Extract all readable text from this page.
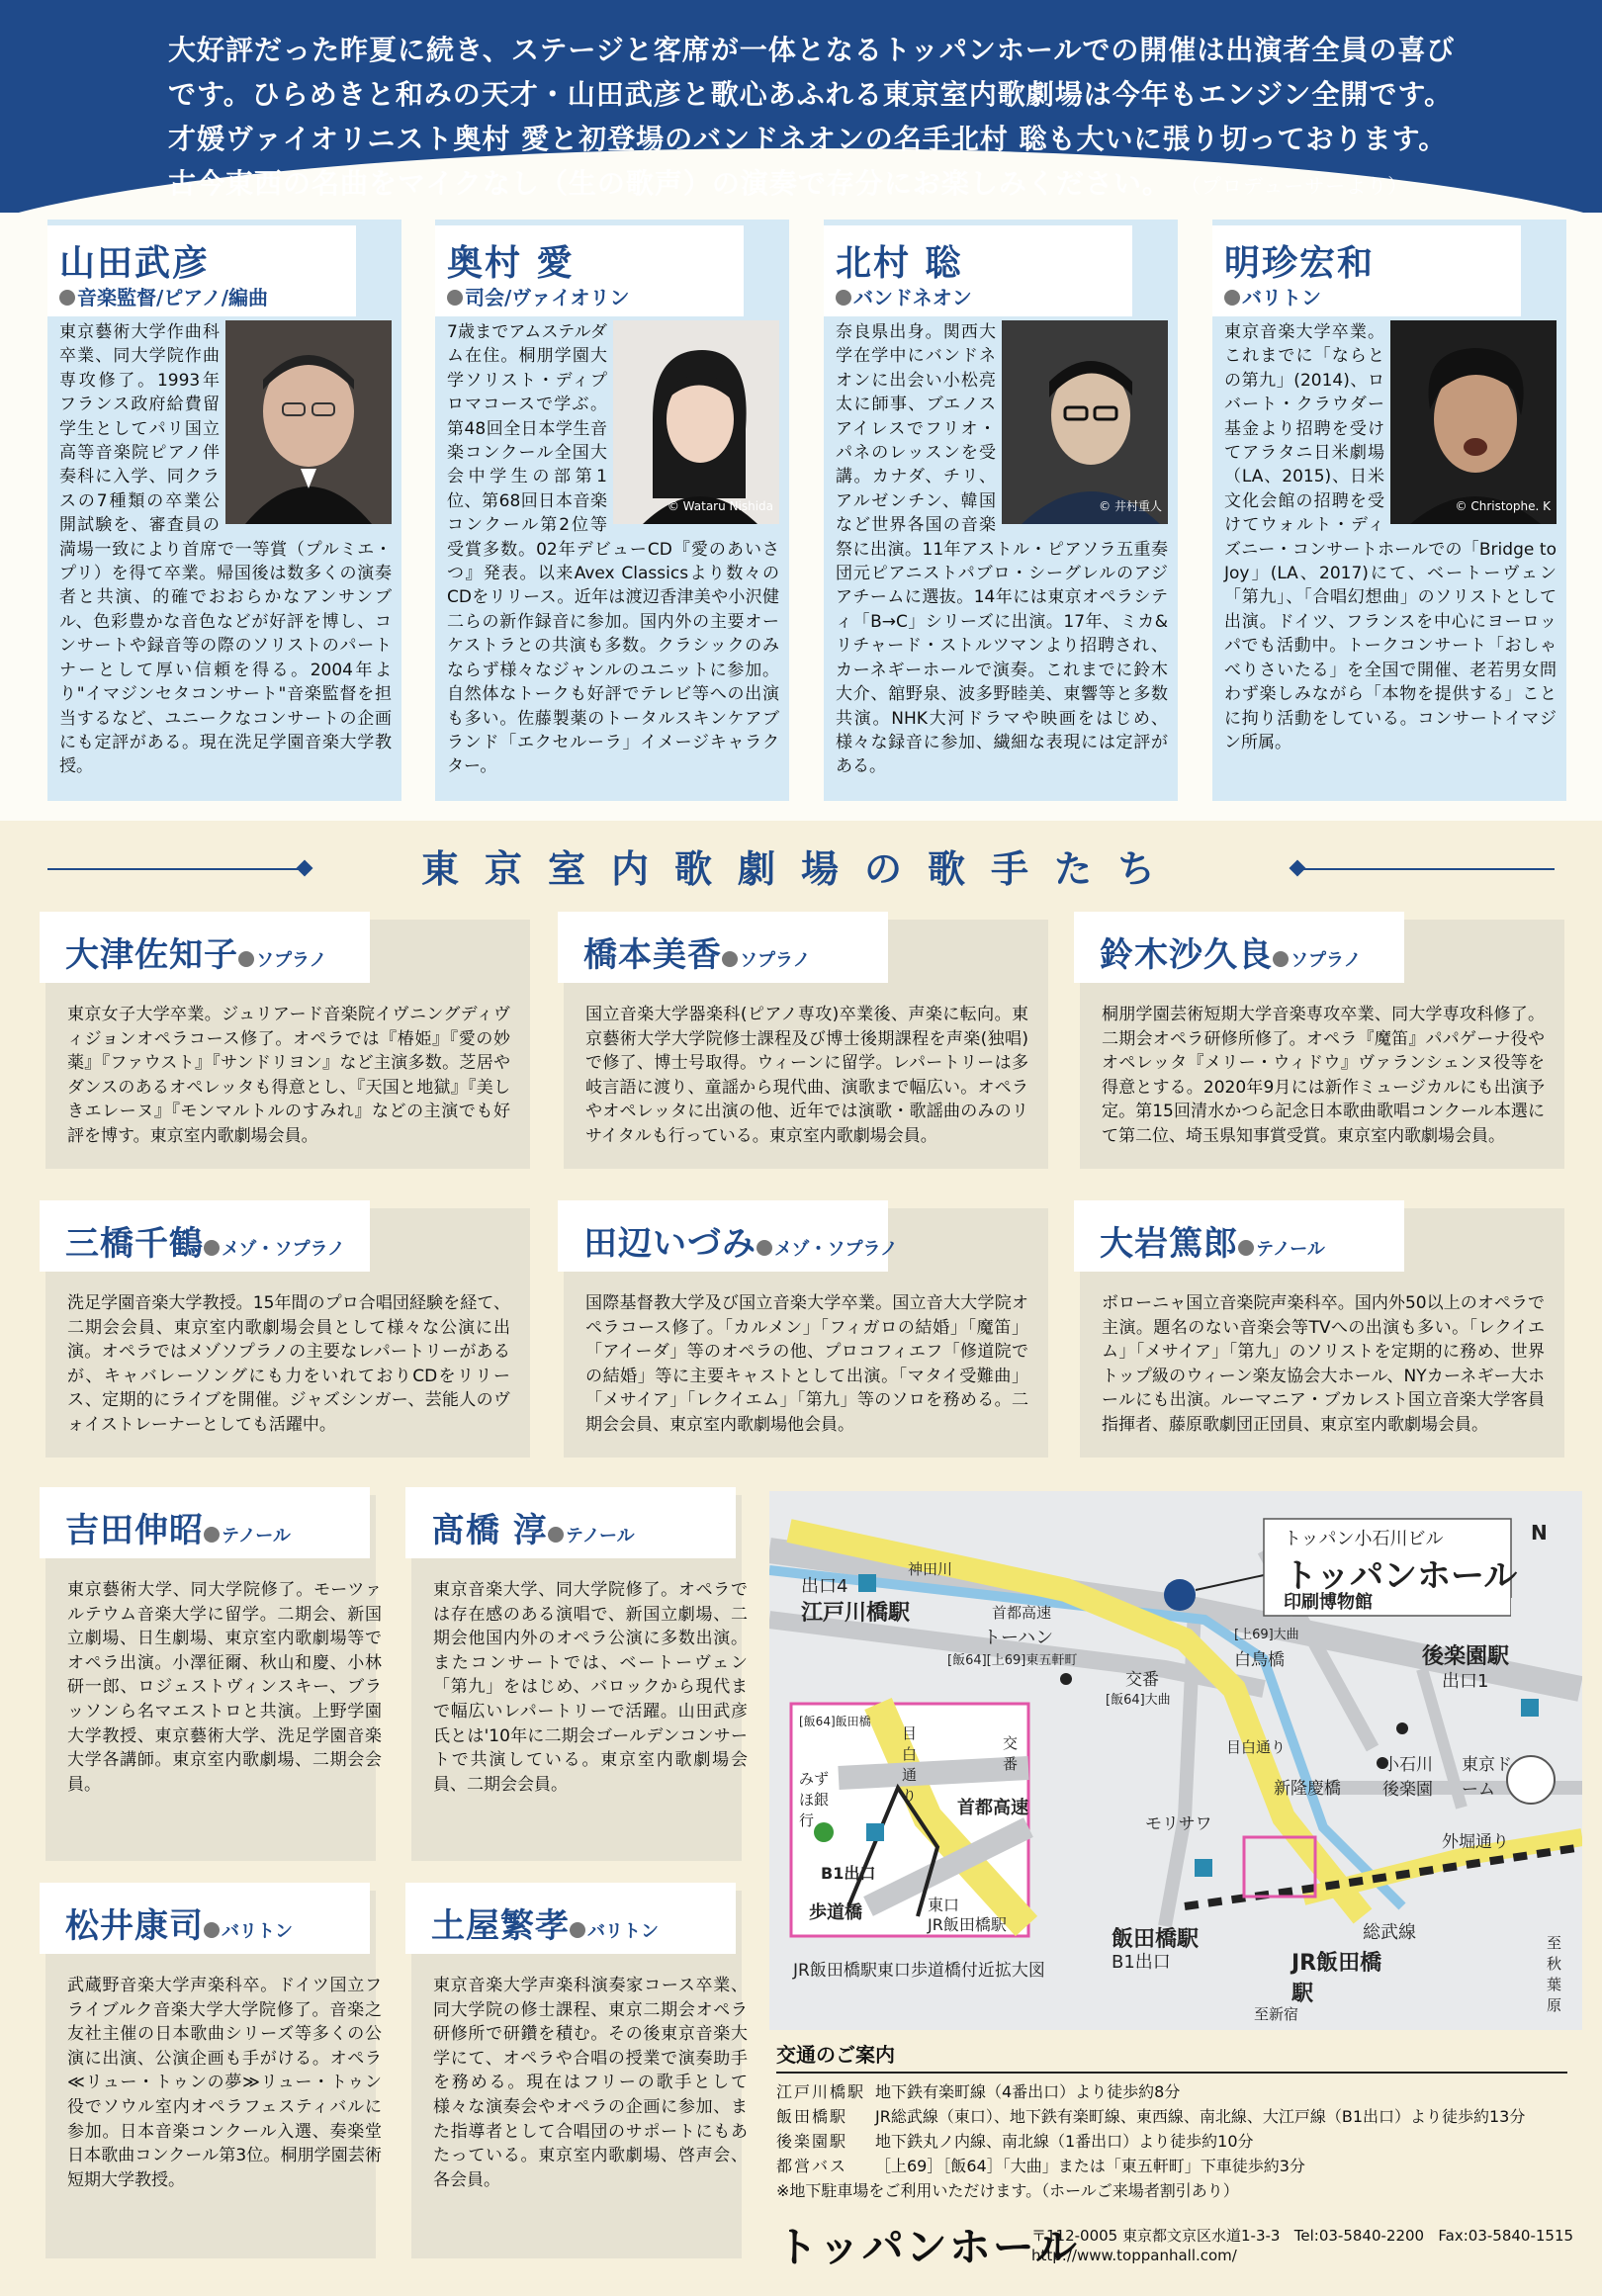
大好評だった昨夏に続き、ステージと客席が一体となるトッパンホールでの開催は出演者全員の喜び
です。ひらめきと和みの天才・山田武彦と歌心あふれる東京室内歌劇場は今年もエンジン全開です。
才媛ヴァイオリニスト奥村 愛と初登場のバンドネオンの名手北村 聡も大いに張り切っております。
古今東西の名曲をマイクなし（生の歌声）の演奏で存分にお楽しみください。 （プロデューサーより）
山田武彦
音楽監督/ピアノ/編曲
東京藝術大学作曲科卒業、同大学院作曲専攻修了。1993年フランス政府給費留学生としてパリ国立高等音楽院ピアノ伴奏科に入学、同クラスの7種類の卒業公開試験を、審査員の満場一致により首席で一等賞（プルミエ・プリ）を得て卒業。帰国後は数多くの演奏者と共演、的確でおおらかなアンサンブル、色彩豊かな音色などが好評を博し、コンサートや録音等の際のソリストのパートナーとして厚い信頼を得る。2004年より"イマジンセタコンサート"音楽監督を担当するなど、ユニークなコンサートの企画にも定評がある。現在洗足学園音楽大学教授。
奥村 愛
司会/ヴァイオリン
© Wataru Nishida
7歳までアムステルダム在住。桐朋学園大学ソリスト・ディプロマコースで学ぶ。第48回全日本学生音楽コンクール全国大会中学生の部第1位、第68回日本音楽コンクール第2位等受賞多数。02年デビューCD『愛のあいさつ』発表。以来Avex Classicsより数々のCDをリリース。近年は渡辺香津美や小沢健二らの新作録音に参加。国内外の主要オーケストラとの共演も多数。クラシックのみならず様々なジャンルのユニットに参加。自然体なトークも好評でテレビ等への出演も多い。佐藤製薬のトータルスキンケアブランド「エクセルーラ」イメージキャラクター。
北村 聡
バンドネオン
© 井村重人
奈良県出身。関西大学在学中にバンドネオンに出会い小松亮太に師事、ブエノスアイレスでフリオ・パネのレッスンを受講。カナダ、チリ、アルゼンチン、韓国など世界各国の音楽祭に出演。11年アストル・ピアソラ五重奏団元ピアニストパブロ・シーグレルのアジアチームに選抜。14年には東京オペラシティ「B→C」シリーズに出演。17年、ミカ&リチャード・ストルツマンより招聘され、カーネギーホールで演奏。これまでに鈴木大介、舘野泉、波多野睦美、東響等と多数共演。NHK大河ドラマや映画をはじめ、様々な録音に参加、繊細な表現には定評がある。
明珍宏和
バリトン
© Christophe. K
東京音楽大学卒業。これまでに「ならとの第九」(2014)、ロバート・クラウダー基金より招聘を受けてアラタニ日米劇場（LA、2015)、日米文化会館の招聘を受けてウォルト・ディズニー・コンサートホールでの「Bridge to Joy」(LA、2017)にて、ベートーヴェン「第九」、「合唱幻想曲」のソリストとして出演。ドイツ、フランスを中心にヨーロッパでも活動中。トークコンサート「おしゃべりさいたる」を全国で開催、老若男女問わず楽しみながら「本物を提供する」ことに拘り活動をしている。コンサートイマジン所属。
東京室内歌劇場の歌手たち
大津佐知子 ソプラノ
東京女子大学卒業。ジュリアード音楽院イヴニングディヴィジョンオペラコース修了。オペラでは『椿姫』『愛の妙薬』『ファウスト』『サンドリヨン』など主演多数。芝居やダンスのあるオペレッタも得意とし、『天国と地獄』『美しきエレーヌ』『モンマルトルのすみれ』などの主演でも好評を博す。東京室内歌劇場会員。
橋本美香 ソプラノ
国立音楽大学器楽科(ピアノ専攻)卒業後、声楽に転向。東京藝術大学大学院修士課程及び博士後期課程を声楽(独唱)で修了、博士号取得。ウィーンに留学。レパートリーは多岐言語に渡り、童謡から現代曲、演歌まで幅広い。オペラやオペレッタに出演の他、近年では演歌・歌謡曲のみのリサイタルも行っている。東京室内歌劇場会員。
鈴木沙久良 ソプラノ
桐朋学園芸術短期大学音楽専攻卒業、同大学専攻科修了。二期会オペラ研修所修了。オペラ『魔笛』パパゲーナ役やオペレッタ『メリー・ウィドウ』ヴァランシェンヌ役等を得意とする。2020年9月には新作ミュージカルにも出演予定。第15回清水かつら記念日本歌曲歌唱コンクール本選にて第二位、埼玉県知事賞受賞。東京室内歌劇場会員。
三橋千鶴 メゾ・ソプラノ
洗足学園音楽大学教授。15年間のプロ合唱団経験を経て、二期会会員、東京室内歌劇場会員として様々な公演に出演。オペラではメゾソプラノの主要なレパートリーがあるが、キャバレーソングにも力をいれておりCDをリリース、定期的にライブを開催。ジャズシンガー、芸能人のヴォイストレーナーとしても活躍中。
田辺いづみ メゾ・ソプラノ
国際基督教大学及び国立音楽大学卒業。国立音大大学院オペラコース修了。「カルメン」「フィガロの結婚」「魔笛」「アイーダ」等のオペラの他、プロコフィエフ「修道院での結婚」等に主要キャストとして出演。「マタイ受難曲」「メサイア」「レクイエム」「第九」等のソロを務める。二期会会員、東京室内歌劇場他会員。
大岩篤郎 テノール
ボローニャ国立音楽院声楽科卒。国内外50以上のオペラで主演。題名のない音楽会等TVへの出演も多い。「レクイエム」「メサイア」「第九」のソリストを定期的に務め、世界トップ級のウィーン楽友協会大ホール、NYカーネギー大ホールにも出演。ルーマニア・ブカレスト国立音楽大学客員指揮者、藤原歌劇団正団員、東京室内歌劇場会員。
吉田伸昭 テノール
東京藝術大学、同大学院修了。モーツァルテウム音楽大学に留学。二期会、新国立劇場、日生劇場、東京室内歌劇場等でオペラ出演。小澤征爾、秋山和慶、小林研一郎、ロジェストヴィンスキー、ブラッソンら名マエストロと共演。上野学園大学教授、東京藝術大学、洗足学園音楽大学各講師。東京室内歌劇場、二期会会員。
髙橋 淳 テノール
東京音楽大学、同大学院修了。オペラでは存在感のある演唱で、新国立劇場、二期会他国内外のオペラ公演に多数出演。またコンサートでは、ベートーヴェン「第九」をはじめ、バロックから現代まで幅広いレパートリーで活躍。山田武彦氏とは'10年に二期会ゴールデンコンサートで共演している。東京室内歌劇場会員、二期会会員。
松井康司 バリトン
武蔵野音楽大学声楽科卒。ドイツ国立フライブルク音楽大学大学院修了。音楽之友社主催の日本歌曲シリーズ等多くの公演に出演、公演企画も手がける。オペラ≪リュー・トゥンの夢≫リュー・トゥン役でソウル室内オペラフェスティバルに参加。日本音楽コンクール入選、奏楽堂日本歌曲コンクール第3位。桐朋学園芸術短期大学教授。
土屋繁孝 バリトン
東京音楽大学声楽科演奏家コース卒業、同大学院の修士課程、東京二期会オペラ研修所で研鑽を積む。その後東京音楽大学にて、オペラや合唱の授業で演奏助手を務める。現在はフリーの歌手として様々な演奏会やオペラの企画に参加、また指導者として合唱団のサポートにもあたっている。東京室内歌劇場、啓声会、各会員。
N
トッパン小石川ビル
トッパンホール
印刷博物館
神田川
首都高速
出口4
江戸川橋駅
トーハン
[飯64][上69]東五軒町
[上69]大曲
白鳥橋
交番
[飯64]大曲
後楽園駅
出口1
小石川後楽園
東京ドーム
新隆慶橋
モリサワ
目白通り
外堀通り
飯田橋駅
B1出口
総武線
JR飯田橋駅
至秋葉原
至新宿
[飯64]飯田橋
みずほ銀行
交番
目白通り
首都高速
B1出口
歩道橋	東口
JR飯田橋駅
JR飯田橋駅東口歩道橋付近拡大図
交通のご案内
江戸川橋駅 地下鉄有楽町線（4番出口）より徒歩約8分
飯田橋駅 JR総武線（東口）、地下鉄有楽町線、東西線、南北線、大江戸線（B1出口）より徒歩約13分
後楽園駅 地下鉄丸ノ内線、南北線（1番出口）より徒歩約10分
都営バス ［上69］［飯64］「大曲」または「東五軒町」下車徒歩約3分
※地下駐車場をご利用いただけます。（ホールご来場者割引あり）
トッパンホール
〒112-0005 東京都文京区水道1-3-3 Tel:03-5840-2200 Fax:03-5840-1515
http://www.toppanhall.com/
